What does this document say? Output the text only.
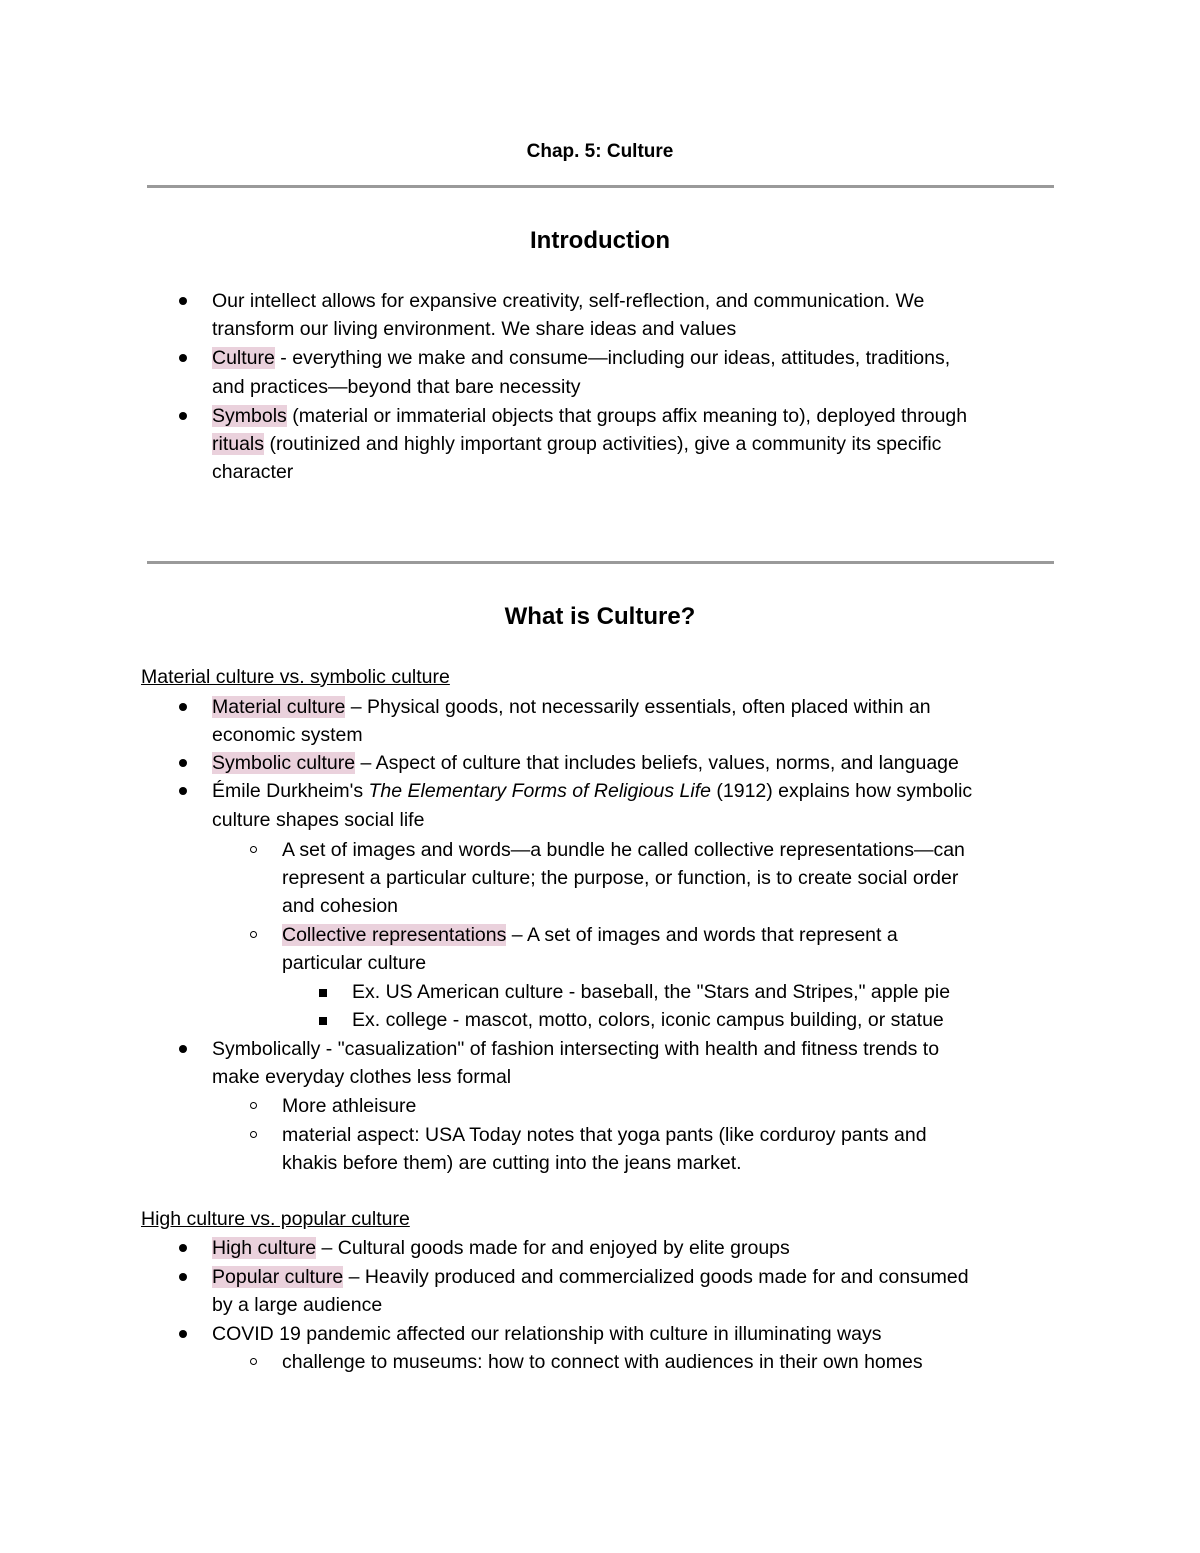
Chap. 5: Culture
Introduction
Our intellect allows for expansive creativity, self-reflection, and communication. We
transform our living environment. We share ideas and values
Culture - everything we make and consume—including our ideas, attitudes, traditions,
and practices—beyond that bare necessity
Symbols (material or immaterial objects that groups affix meaning to), deployed through
rituals (routinized and highly important group activities), give a community its specific
character
What is Culture?
Material culture vs. symbolic culture
Material culture – Physical goods, not necessarily essentials, often placed within an
economic system
Symbolic culture – Aspect of culture that includes beliefs, values, norms, and language
Émile Durkheim's The Elementary Forms of Religious Life (1912) explains how symbolic
culture shapes social life
A set of images and words—a bundle he called collective representations—can
represent a particular culture; the purpose, or function, is to create social order
and cohesion
Collective representations – A set of images and words that represent a
particular culture
Ex. US American culture - baseball, the "Stars and Stripes," apple pie
Ex. college - mascot, motto, colors, iconic campus building, or statue
Symbolically - "casualization" of fashion intersecting with health and fitness trends to
make everyday clothes less formal
More athleisure
material aspect: USA Today notes that yoga pants (like corduroy pants and
khakis before them) are cutting into the jeans market.
High culture vs. popular culture
High culture – Cultural goods made for and enjoyed by elite groups
Popular culture – Heavily produced and commercialized goods made for and consumed
by a large audience
COVID 19 pandemic affected our relationship with culture in illuminating ways
challenge to museums: how to connect with audiences in their own homes
